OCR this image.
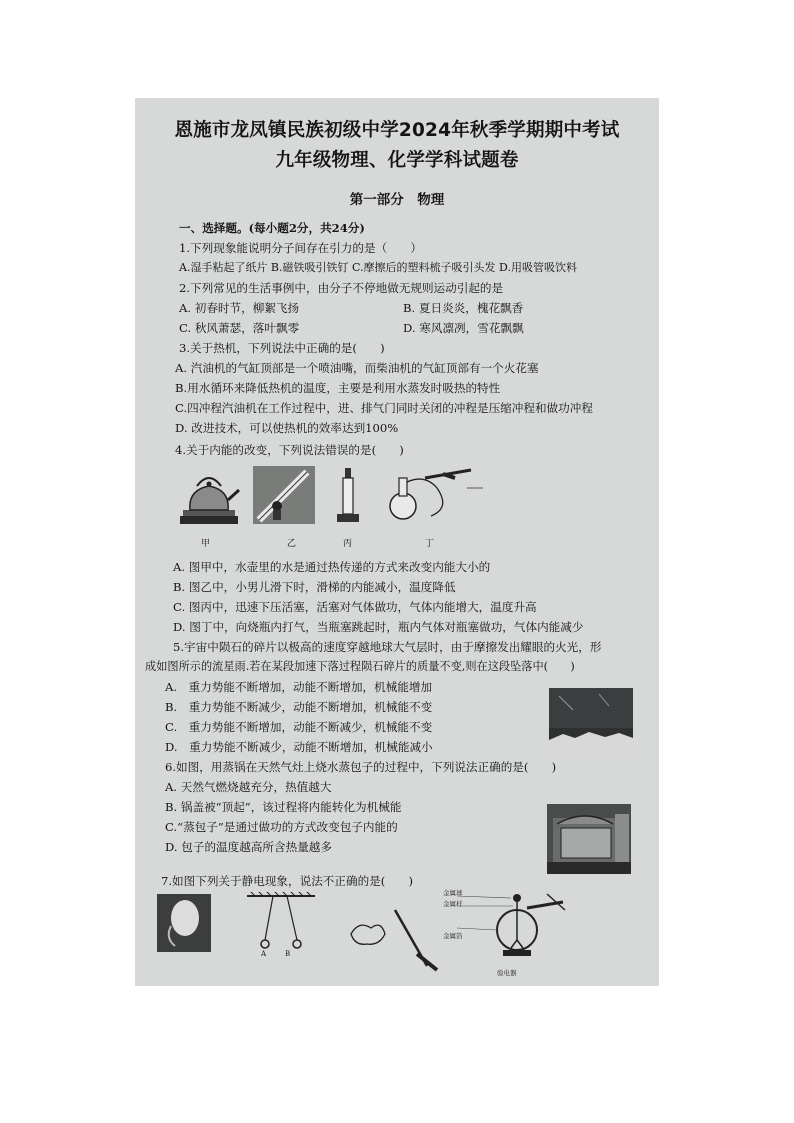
恩施市龙凤镇民族初级中学2024年秋季学期期中考试
九年级物理、化学学科试题卷
第一部分　物理
一、选择题。(每小题2分，共24分)
1.下列现象能说明分子间存在引力的是（　　）
A.湿手粘起了纸片 B.磁铁吸引铁钉 C.摩擦后的塑料梳子吸引头发 D.用吸管吸饮料
2.下列常见的生活事例中，由分子不停地做无规则运动引起的是
A. 初春时节，柳絮飞扬	B. 夏日炎炎，槐花飘香
C. 秋风萧瑟，落叶飘零	D. 寒风凛冽，雪花飘飘
3.关于热机，下列说法中正确的是(　　)
A. 汽油机的气缸顶部是一个喷油嘴，而柴油机的气缸顶部有一个火花塞
B.用水循环来降低热机的温度，主要是利用水蒸发时吸热的特性
C.四冲程汽油机在工作过程中，进、排气门同时关闭的冲程是压缩冲程和做功冲程
D. 改进技术，可以使热机的效率达到100%
4.关于内能的改变，下列说法错误的是(　　)
甲	乙	丙	丁
A. 图甲中，水壶里的水是通过热传递的方式来改变内能大小的
B. 图乙中，小男儿滑下时，滑梯的内能减小，温度降低
C. 图丙中，迅速下压活塞，活塞对气体做功，气体内能增大，温度升高
D. 图丁中，向烧瓶内打气，当瓶塞跳起时，瓶内气体对瓶塞做功，气体内能减少
5.宇宙中陨石的碎片以极高的速度穿越地球大气层时，由于摩擦发出耀眼的火光，形
成如图所示的流星雨.若在某段加速下落过程陨石碎片的质量不变,则在这段坠落中(　　)
A.　重力势能不断增加，动能不断增加，机械能增加
B.　重力势能不断减少，动能不断增加，机械能不变
C.　重力势能不断增加，动能不断减少，机械能不变
D.　重力势能不断减少，动能不断增加，机械能减小
6.如图，用蒸锅在天然气灶上烧水蒸包子的过程中，下列说法正确的是(　　)
A. 天然气燃烧越充分，热值越大
B. 锅盖被“顶起”，该过程将内能转化为机械能
C.“蒸包子”是通过做功的方式改变包子内能的
D. 包子的温度越高所含热量越多
7.如图下列关于静电现象，说法不正确的是(　　)
A	B
金属球
金属杆
金属箔
验电器
